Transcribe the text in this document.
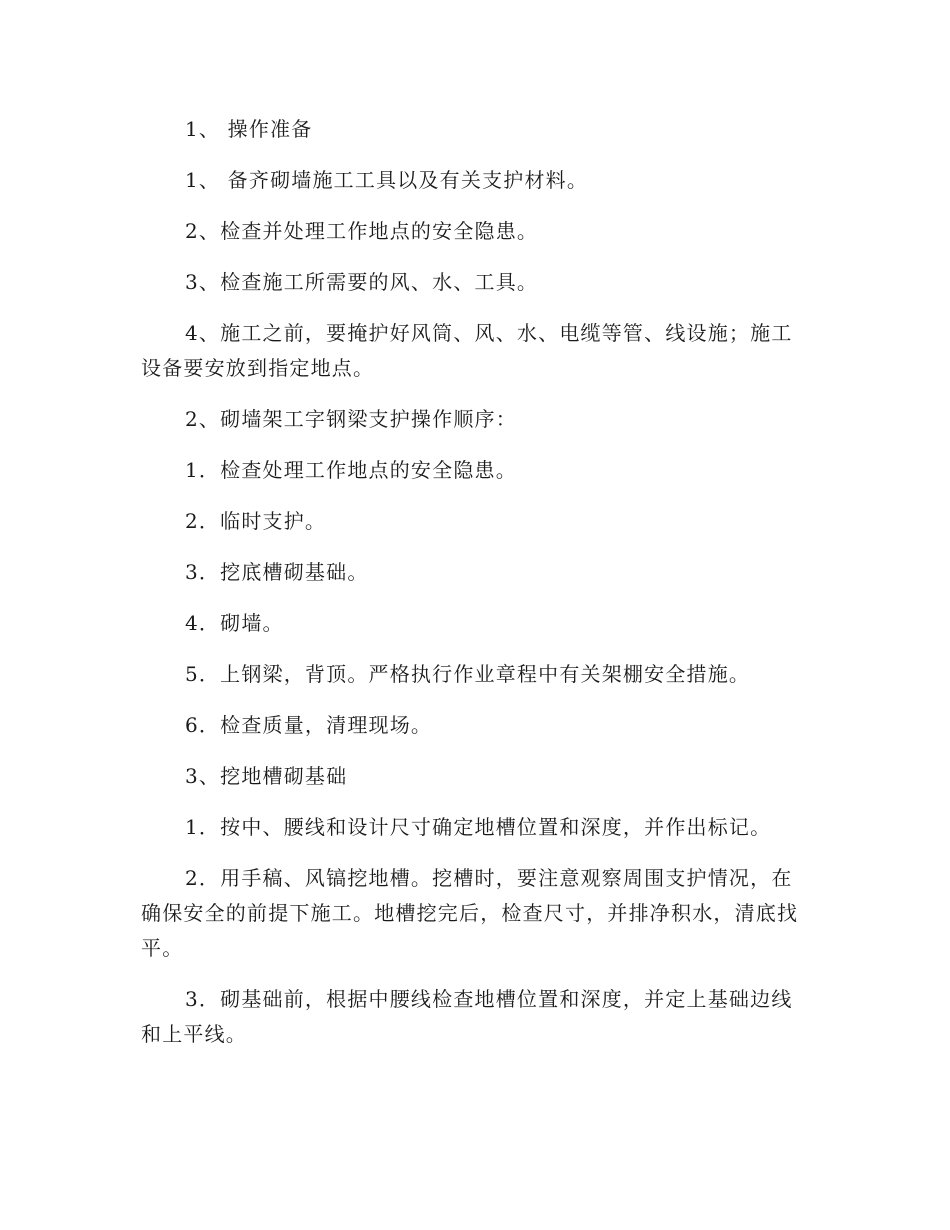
1、 操作准备

1、 备齐砌墙施工工具以及有关支护材料。

2、检查并处理工作地点的安全隐患。

3、检查施工所需要的风、水、工具。

4、施工之前，要掩护好风筒、风、水、电缆等管、线设施；施工设备要安放到指定地点。

2、砌墙架工字钢梁支护操作顺序：

1．检查处理工作地点的安全隐患。

2．临时支护。

3．挖底槽砌基础。

4．砌墙。

5．上钢梁，背顶。严格执行作业章程中有关架棚安全措施。

6．检查质量，清理现场。

3、挖地槽砌基础

1．按中、腰线和设计尺寸确定地槽位置和深度，并作出标记。

2．用手稿、风镐挖地槽。挖槽时，要注意观察周围支护情况，在确保安全的前提下施工。地槽挖完后，检查尺寸，并排净积水，清底找平。

3．砌基础前，根据中腰线检查地槽位置和深度，并定上基础边线和上平线。
